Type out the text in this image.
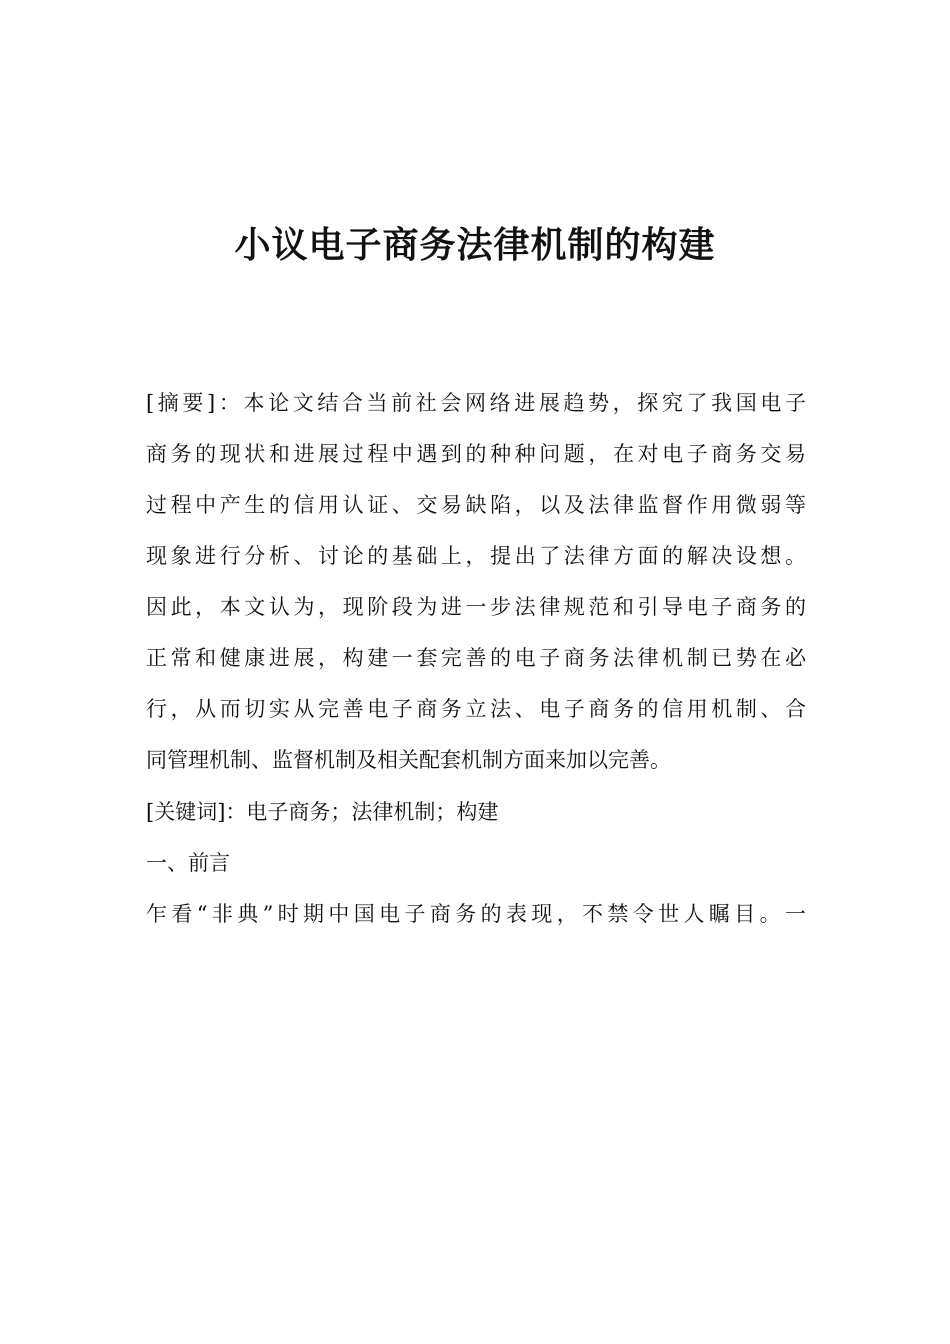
小议电子商务法律机制的构建
[摘要]：本论文结合当前社会网络进展趋势，探究了我国电子
商务的现状和进展过程中遇到的种种问题，在对电子商务交易
过程中产生的信用认证、交易缺陷，以及法律监督作用微弱等
现象进行分析、讨论的基础上，提出了法律方面的解决设想。
因此，本文认为，现阶段为进一步法律规范和引导电子商务的
正常和健康进展，构建一套完善的电子商务法律机制已势在必
行，从而切实从完善电子商务立法、电子商务的信用机制、合
同管理机制、监督机制及相关配套机制方面来加以完善。
[关键词]：电子商务；法律机制；构建
一、前言
乍看“非典”时期中国电子商务的表现，不禁令世人瞩目。一
